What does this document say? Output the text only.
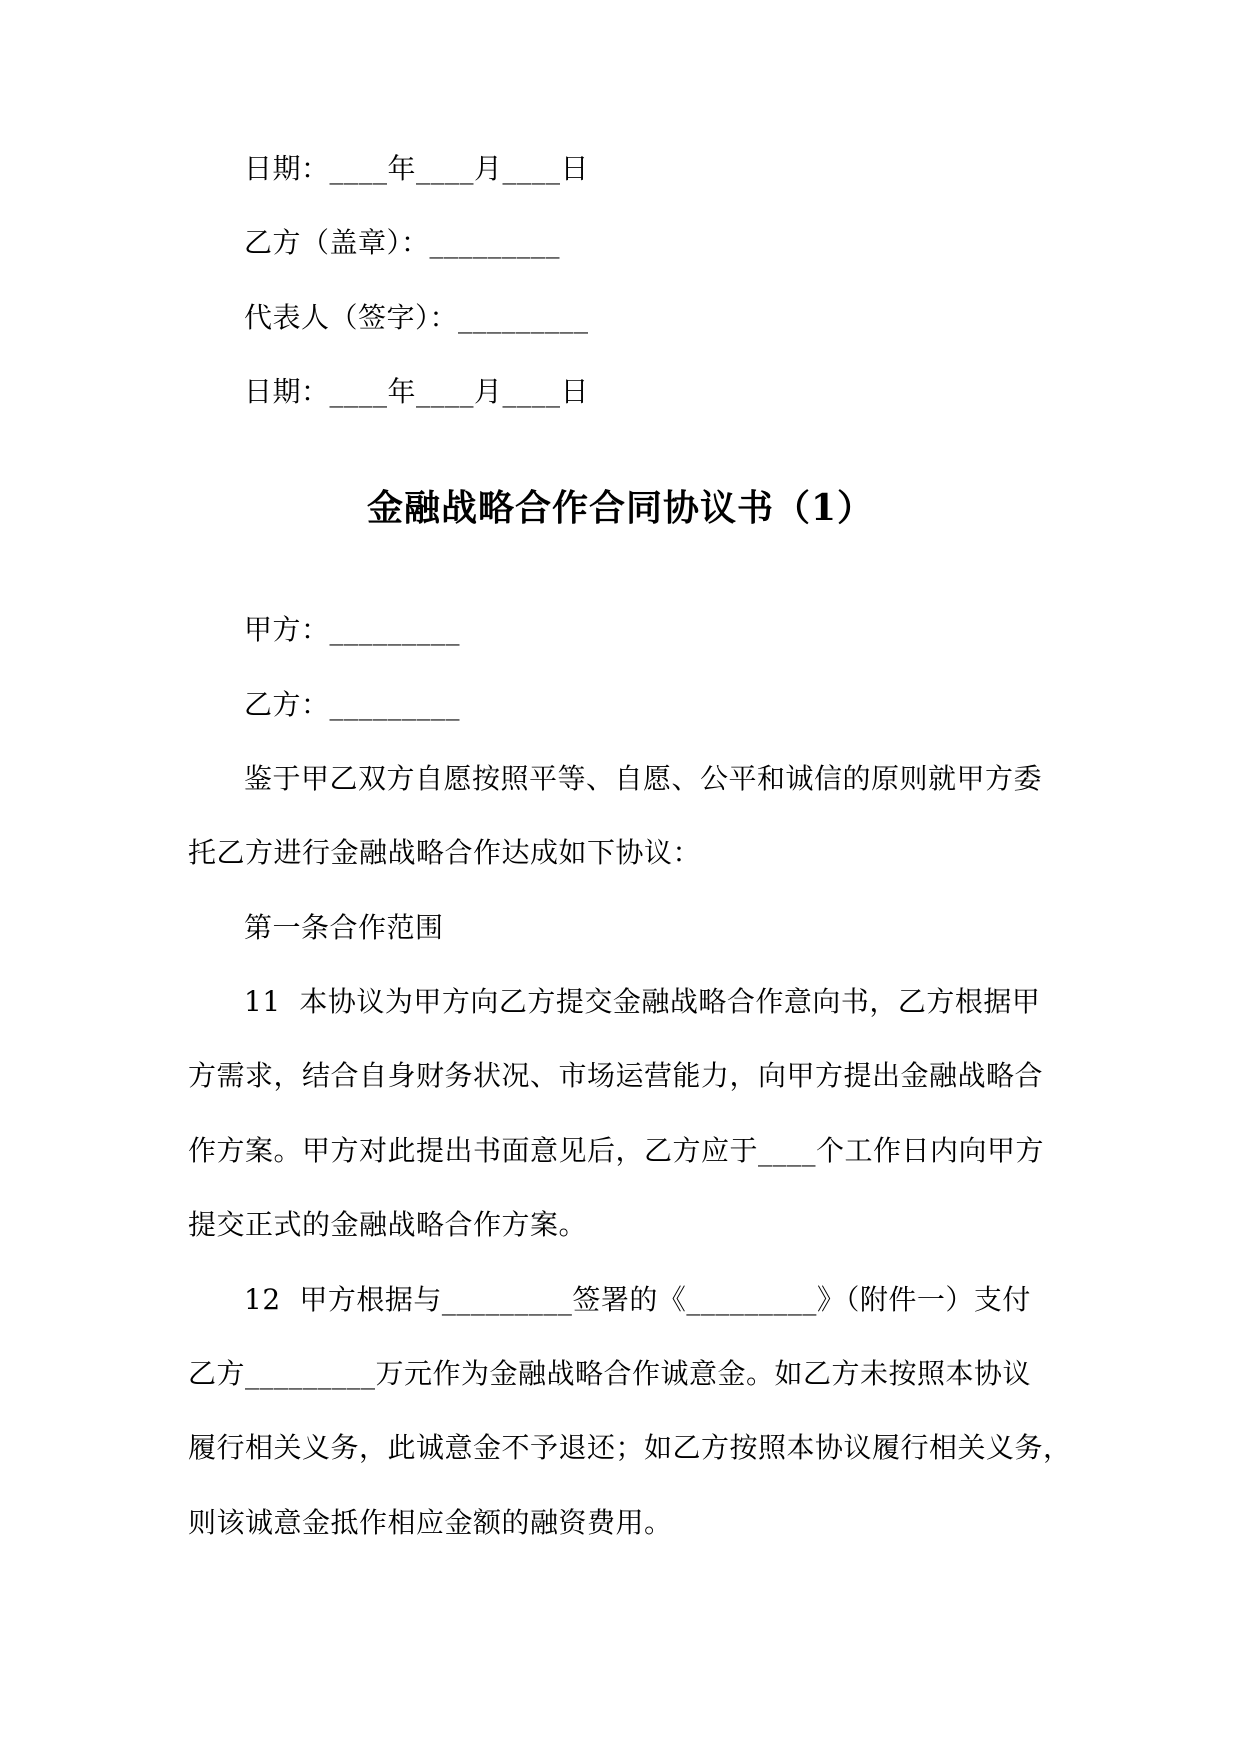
日期：____年____月____日
乙方（盖章）：_________
代表人（签字）：_________
日期：____年____月____日
金融战略合作合同协议书（1）
甲方：_________
乙方：_________
鉴于甲乙双方自愿按照平等、自愿、公平和诚信的原则就甲方委
托乙方进行金融战略合作达成如下协议：
第一条合作范围
11  本协议为甲方向乙方提交金融战略合作意向书，乙方根据甲
方需求，结合自身财务状况、市场运营能力，向甲方提出金融战略合
作方案。甲方对此提出书面意见后，乙方应于____个工作日内向甲方
提交正式的金融战略合作方案。
12  甲方根据与_________签署的《_________》（附件一）支付
乙方_________万元作为金融战略合作诚意金。如乙方未按照本协议
履行相关义务，此诚意金不予退还；如乙方按照本协议履行相关义务，
则该诚意金抵作相应金额的融资费用。
